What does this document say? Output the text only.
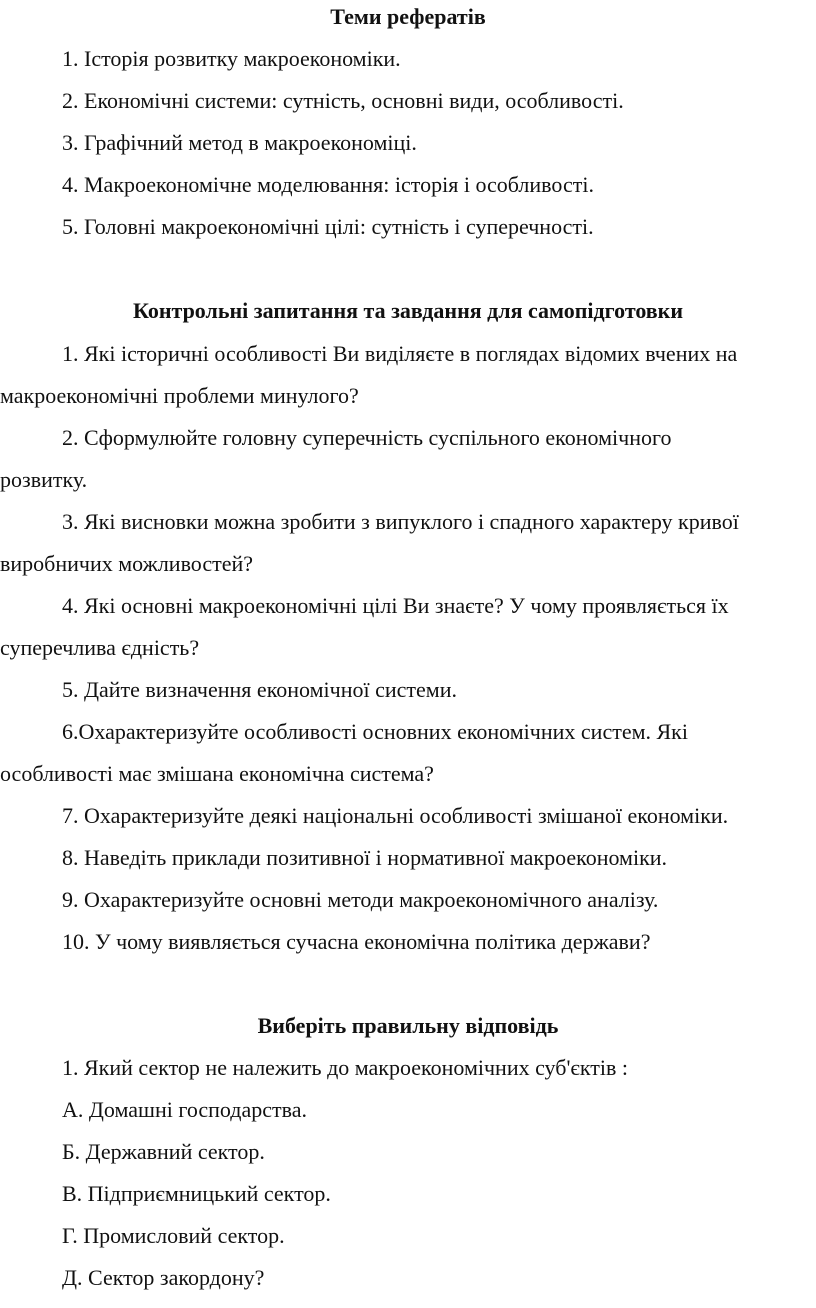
Теми рефератів
1. Історія розвитку макроекономіки.
2. Економічні системи: сутність, основні види, особливості.
3. Графічний метод в макроекономіці.
4. Макроекономічне моделювання: історія і особливості.
5. Головні макроекономічні цілі: сутність і суперечності.
Контрольні запитання та завдання для самопідготовки
1. Які історичні особливості Ви виділяєте в поглядах відомих вчених на
макроекономічні проблеми минулого?
2. Сформулюйте головну суперечність суспільного економічного
розвитку.
3. Які висновки можна зробити з випуклого і спадного характеру кривої
виробничих можливостей?
4. Які основні макроекономічні цілі Ви знаєте? У чому проявляється їх
суперечлива єдність?
5. Дайте визначення економічної системи.
6.Охарактеризуйте особливості основних економічних систем. Які
особливості має змішана економічна система?
7. Охарактеризуйте деякі національні особливості змішаної економіки.
8. Наведіть приклади позитивної і нормативної макроекономіки.
9. Охарактеризуйте основні методи макроекономічного аналізу.
10. У чому виявляється сучасна економічна політика держави?
Виберіть правильну відповідь
1. Який сектор не належить до макроекономічних суб'єктів :
А. Домашні господарства.
Б. Державний сектор.
В. Підприємницький сектор.
Г. Промисловий сектор.
Д. Сектор закордону?
